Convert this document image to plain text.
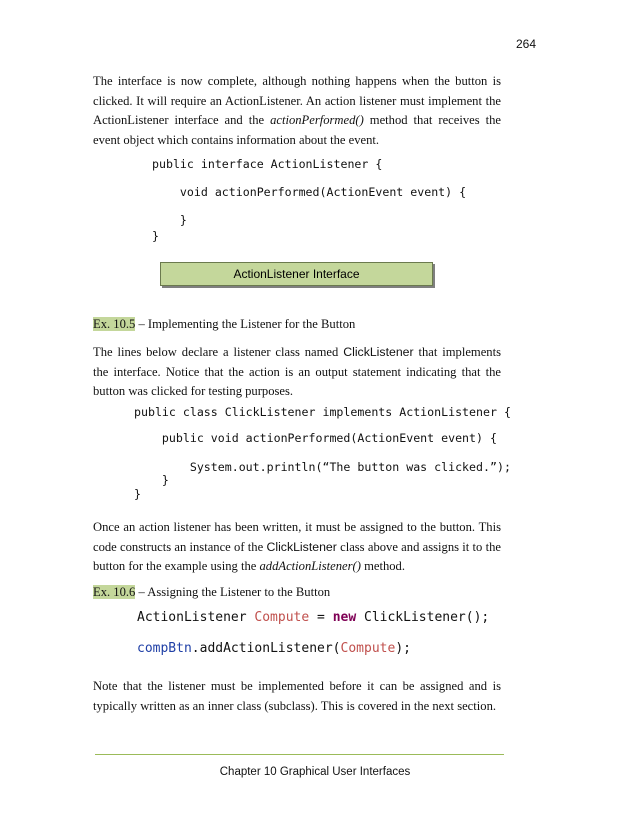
264

The interface is now complete, although nothing happens when the button is clicked. It will require an ActionListener. An action listener must implement the ActionListener interface and the actionPerformed() method that receives the event object which contains information about the event.

public interface ActionListener {
void actionPerformed(ActionEvent event) {
}
}
ActionListener Interface
Ex. 10.5 – Implementing the Listener for the Button

The lines below declare a listener class named ClickListener that implements the interface. Notice that the action is an output statement indicating that the button was clicked for testing purposes.

public class ClickListener implements ActionListener {
public void actionPerformed(ActionEvent event) {
System.out.println(“The button was clicked.”);
}
}

Once an action listener has been written, it must be assigned to the button. This code constructs an instance of the ClickListener class above and assigns it to the button for the example using the addActionListener() method.

Ex. 10.6 – Assigning the Listener to the Button
ActionListener Compute = new ClickListener();
compBtn.addActionListener(Compute);

Note that the listener must be implemented before it can be assigned and is typically written as an inner class (subclass). This is covered in the next section.

Chapter 10 Graphical User Interfaces
